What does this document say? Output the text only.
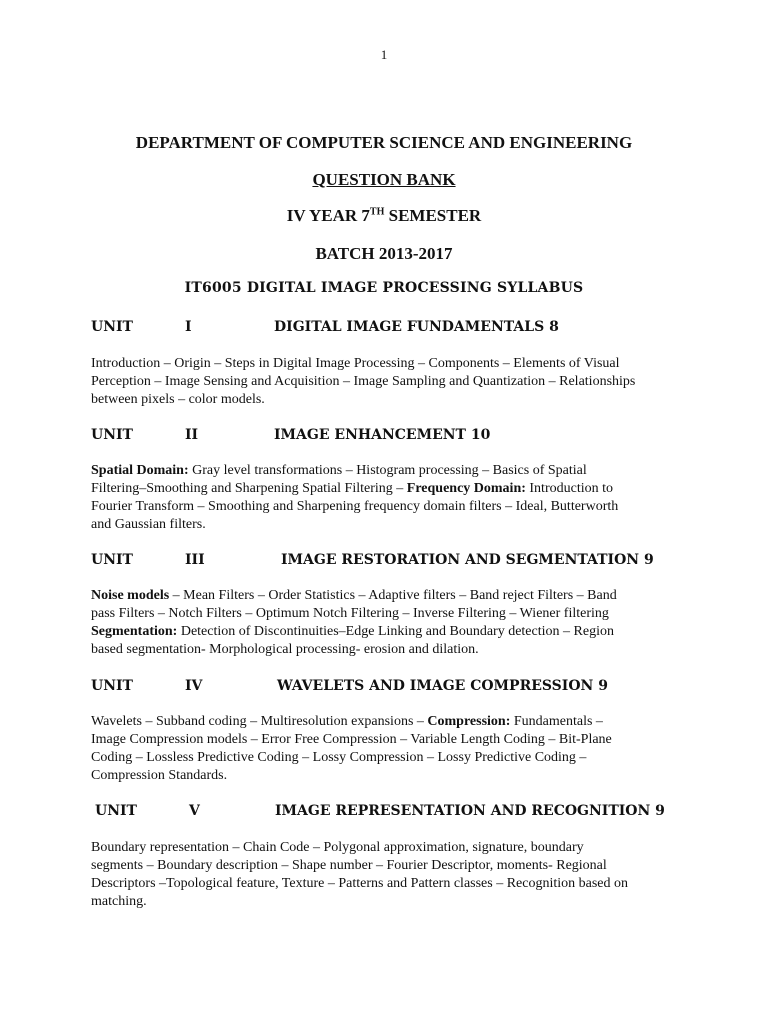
1
DEPARTMENT OF COMPUTER SCIENCE AND ENGINEERING
QUESTION BANK
IV YEAR 7TH SEMESTER
BATCH 2013-2017
IT6005 DIGITAL IMAGE PROCESSING SYLLABUS
UNIT	I	DIGITAL IMAGE FUNDAMENTALS 8
Introduction – Origin – Steps in Digital Image Processing – Components – Elements of Visual
Perception – Image Sensing and Acquisition – Image Sampling and Quantization – Relationships
between pixels – color models.
UNIT	II	IMAGE ENHANCEMENT 10
Spatial Domain: Gray level transformations – Histogram processing – Basics of Spatial
Filtering–Smoothing and Sharpening Spatial Filtering – Frequency Domain: Introduction to
Fourier Transform – Smoothing and Sharpening frequency domain filters – Ideal, Butterworth
and Gaussian filters.
UNIT	III	IMAGE RESTORATION AND SEGMENTATION 9
Noise models – Mean Filters – Order Statistics – Adaptive filters – Band reject Filters – Band
pass Filters – Notch Filters – Optimum Notch Filtering – Inverse Filtering – Wiener filtering
Segmentation: Detection of Discontinuities–Edge Linking and Boundary detection – Region
based segmentation- Morphological processing- erosion and dilation.
UNIT	IV	WAVELETS AND IMAGE COMPRESSION 9
Wavelets – Subband coding – Multiresolution expansions – Compression: Fundamentals –
Image Compression models – Error Free Compression – Variable Length Coding – Bit-Plane
Coding – Lossless Predictive Coding – Lossy Compression – Lossy Predictive Coding –
Compression Standards.
UNIT	V	IMAGE REPRESENTATION AND RECOGNITION 9
Boundary representation – Chain Code – Polygonal approximation, signature, boundary
segments – Boundary description – Shape number – Fourier Descriptor, moments- Regional
Descriptors –Topological feature, Texture – Patterns and Pattern classes – Recognition based on
matching.
